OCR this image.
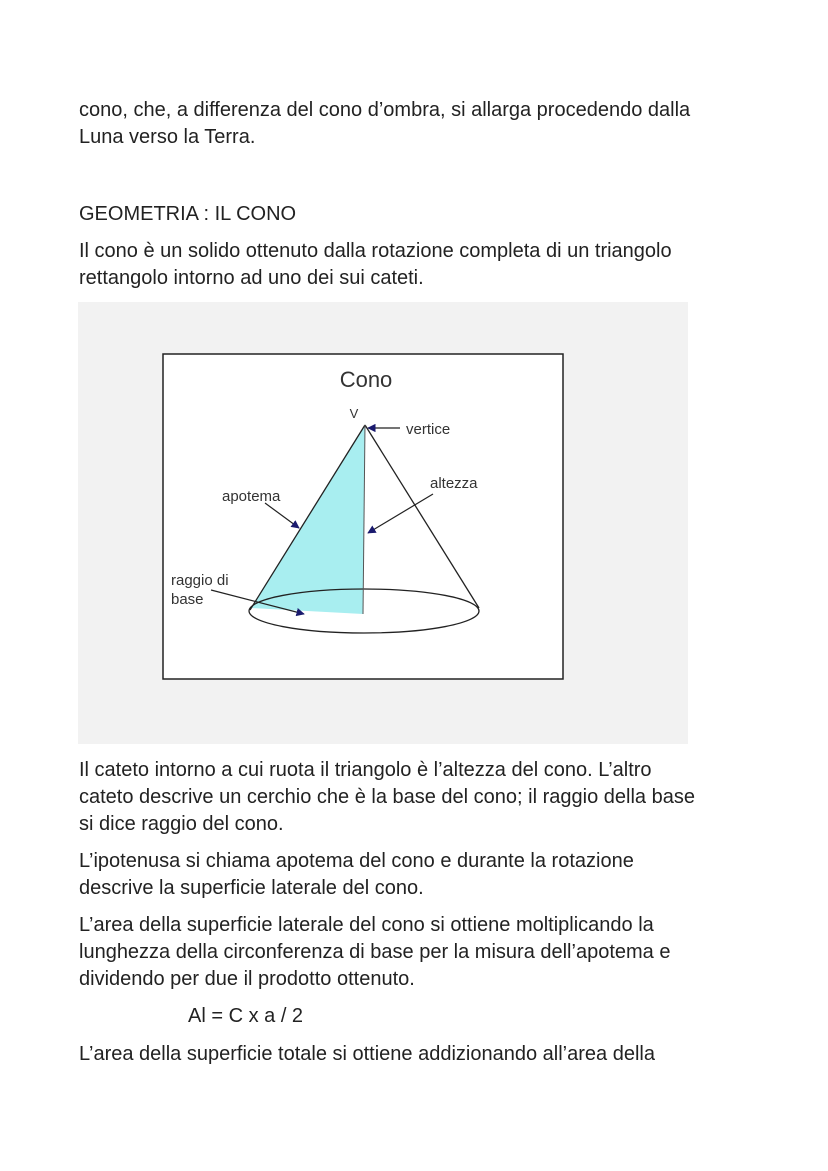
cono, che, a differenza del cono d’ombra, si allarga procedendo dalla
Luna verso la Terra.

GEOMETRIA : IL CONO

Il cono è un solido ottenuto dalla rotazione completa di un triangolo
rettangolo intorno ad uno dei sui cateti.

Cono
V
vertice
altezza
apotema
raggio di
base

Il cateto intorno a cui ruota il triangolo è l’altezza del cono. L’altro
cateto descrive un cerchio che è la base del cono; il raggio della base
si dice raggio del cono.

L’ipotenusa si chiama apotema del cono e durante la rotazione
descrive la superficie laterale del cono.

L’area della superficie laterale del cono si ottiene moltiplicando la
lunghezza della circonferenza di base per la misura dell’apotema e
dividendo per due il prodotto ottenuto.

Al = C x a / 2

L’area della superficie totale si ottiene addizionando all’area della
